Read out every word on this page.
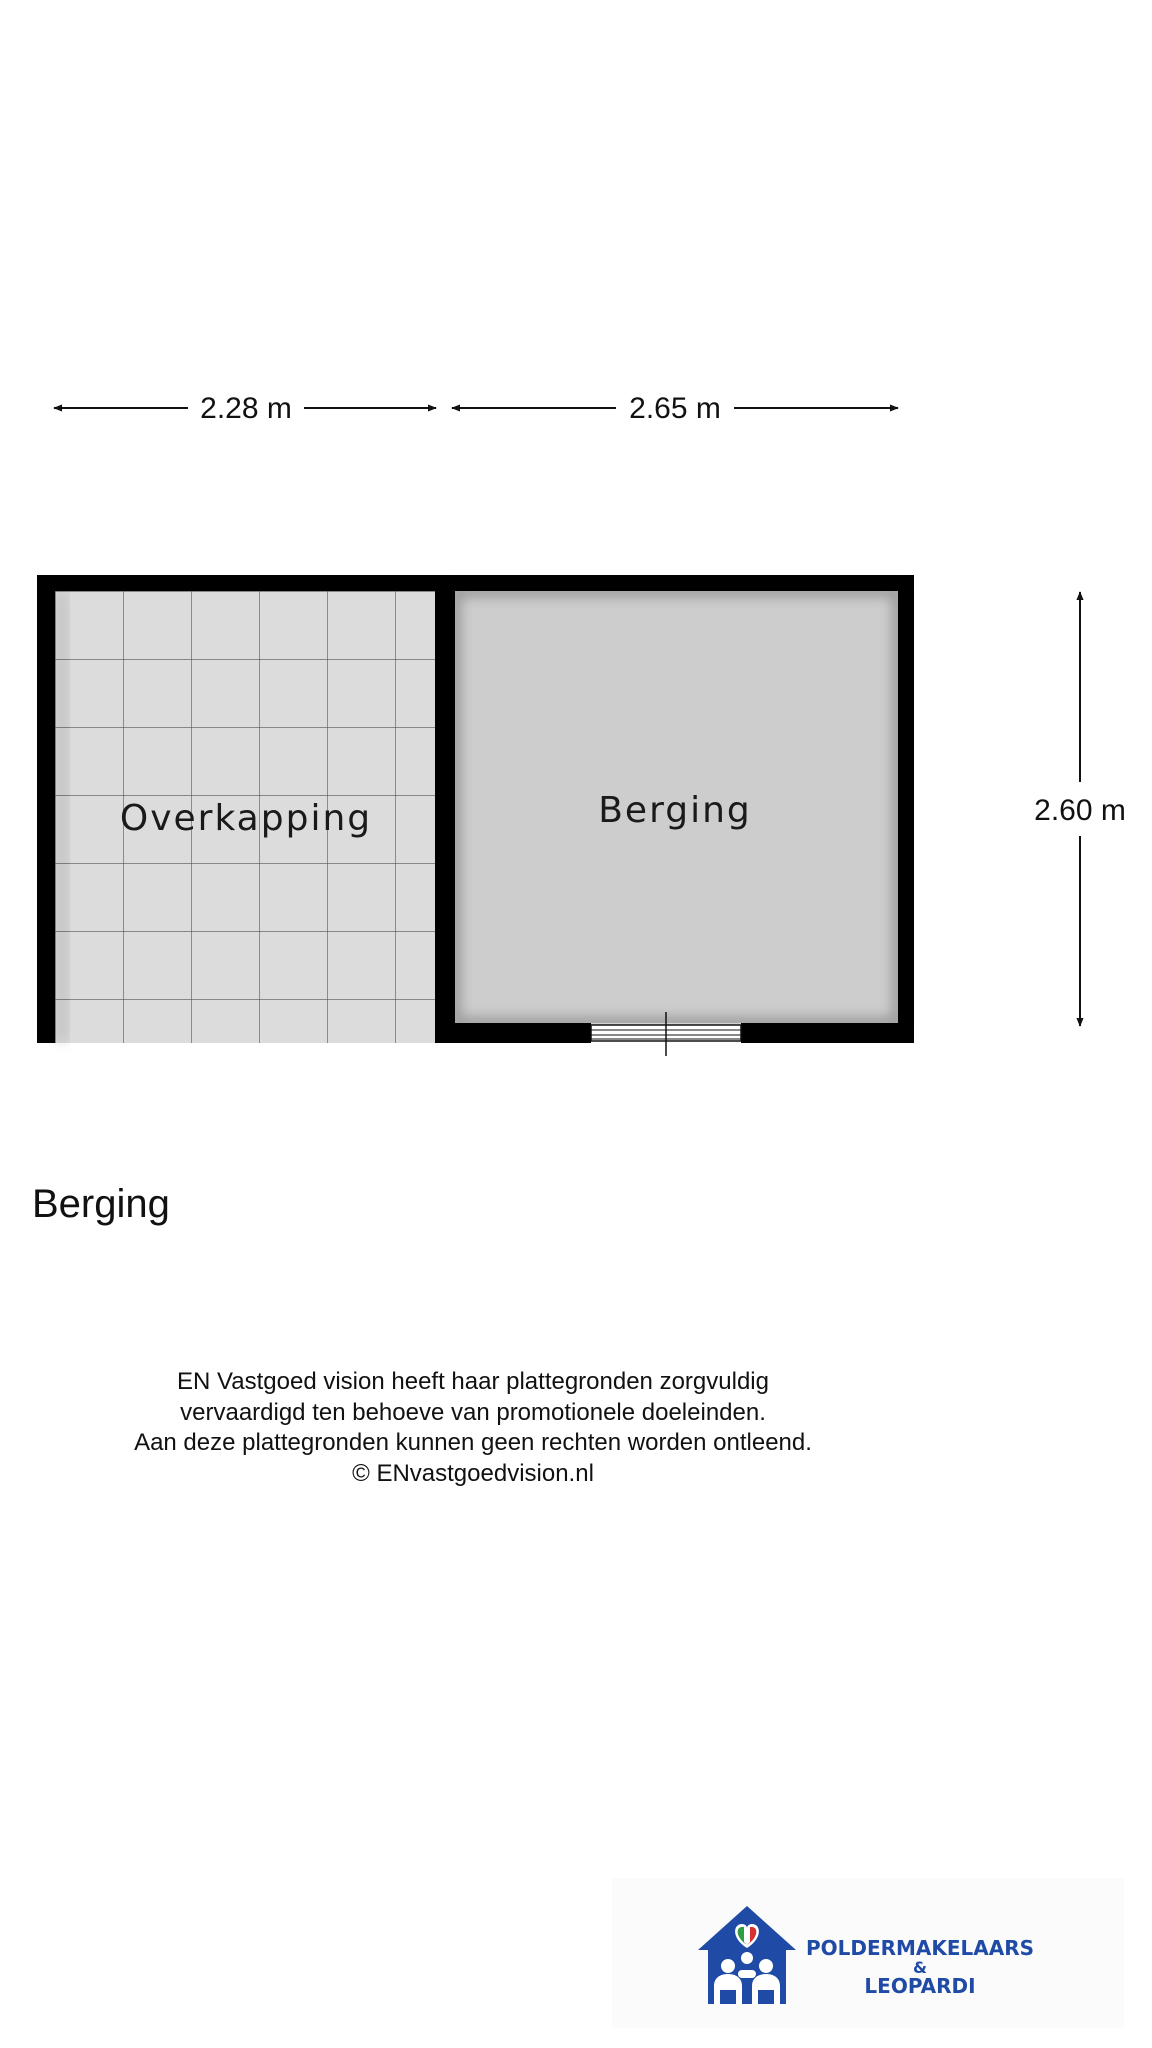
2.28 m	2.65 m
2.60 m
Overkapping	Berging
Berging
EN Vastgoed vision heeft haar plattegronden zorgvuldig
vervaardigd ten behoeve van promotionele doeleinden.
Aan deze plattegronden kunnen geen rechten worden ontleend.
© ENvastgoedvision.nl
POLDERMAKELAARS
&
LEOPARDI
